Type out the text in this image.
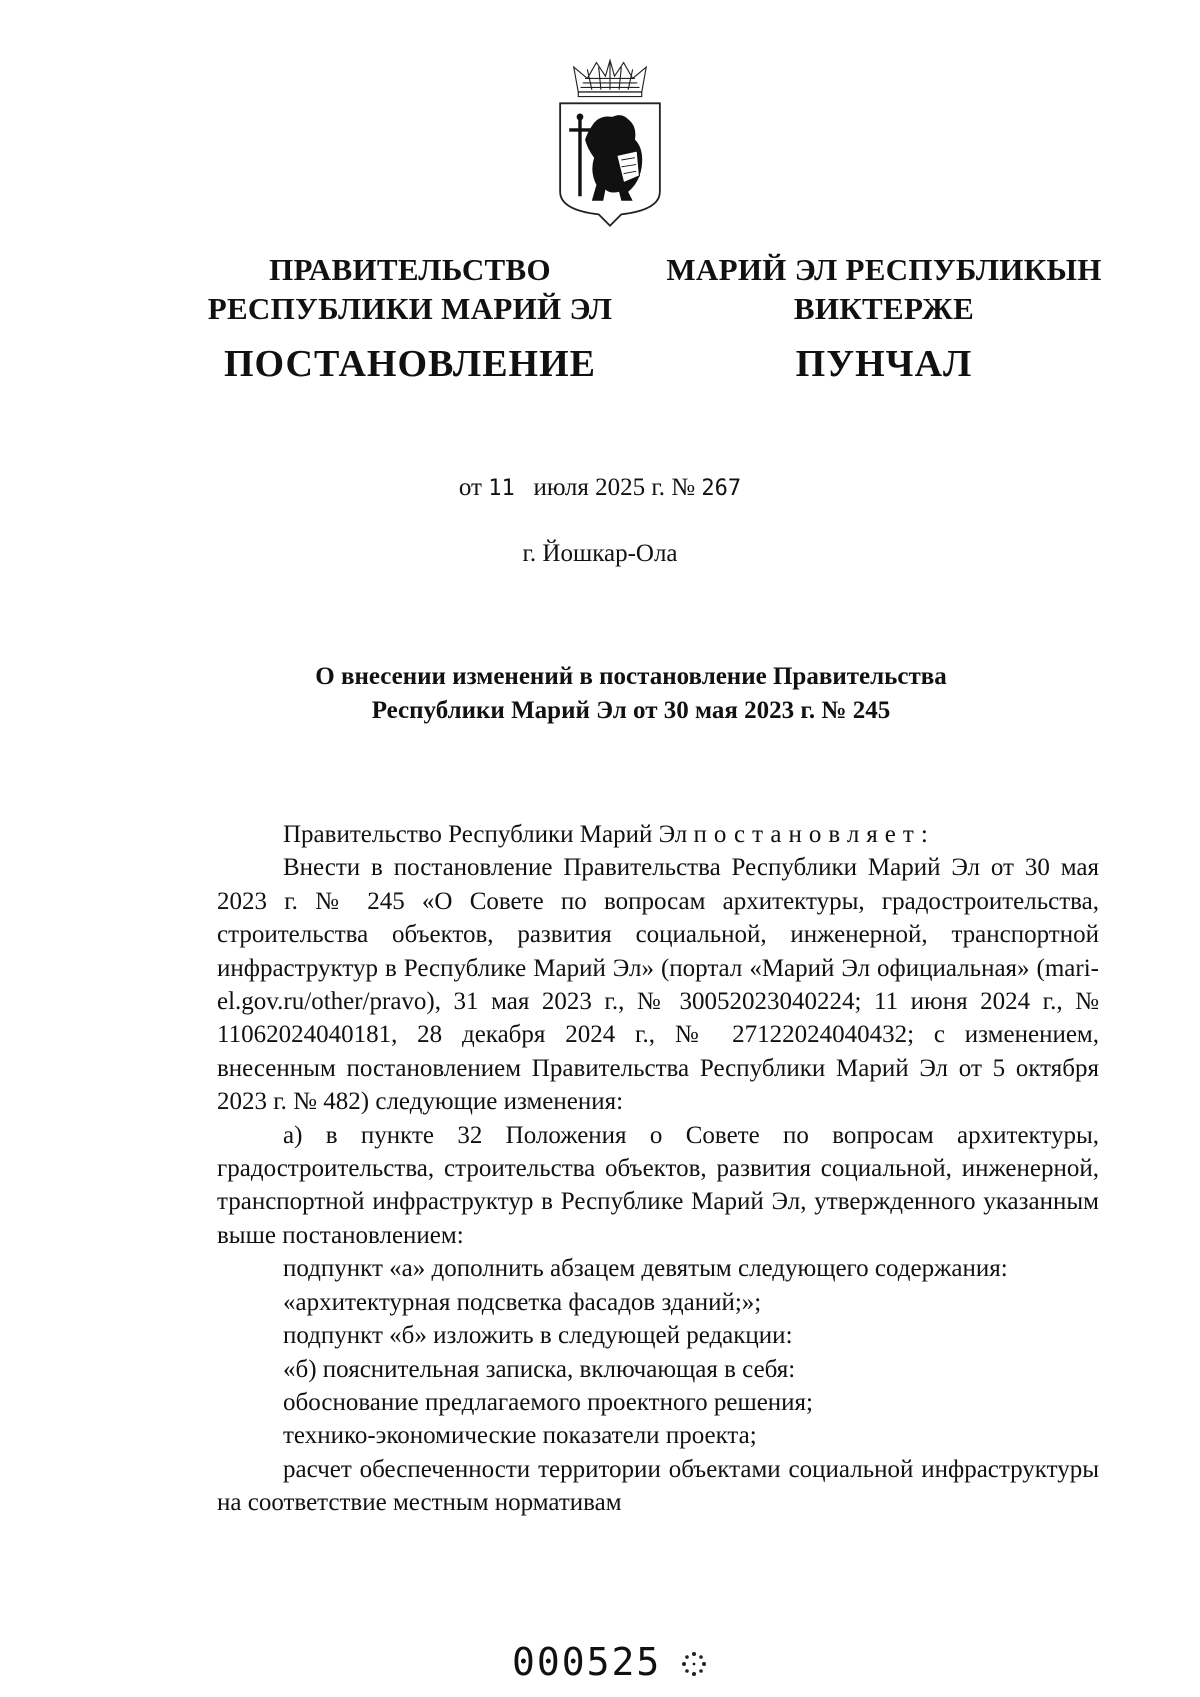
ПРАВИТЕЛЬСТВО
РЕСПУБЛИКИ МАРИЙ ЭЛ
ПОСТАНОВЛЕНИЕ
МАРИЙ ЭЛ РЕСПУБЛИКЫН
ВИКТЕРЖЕ
ПУНЧАЛ
от 11 июля 2025 г. № 267
г. Йошкар-Ола
О внесении изменений в постановление Правительства
Республики Марий Эл от 30 мая 2023 г. № 245

Правительство Республики Марий Эл постановляет:

Внести в постановление Правительства Республики Марий Эл от 30 мая 2023 г. № 245 «О Совете по вопросам архитектуры, градостроительства, строительства объектов, развития социальной, инженерной, транспортной инфраструктур в Республике Марий Эл» (портал «Марий Эл официальная» (mari-el.gov.ru/other/pravo), 31 мая 2023 г., № 30052023040224; 11 июня 2024 г., № 11062024040181, 28 декабря 2024 г., № 27122024040432; с изменением, внесенным постановлением Правительства Республики Марий Эл от 5 октября 2023 г. № 482) следующие изменения:

а) в пункте 32 Положения о Совете по вопросам архитектуры, градостроительства, строительства объектов, развития социальной, инженерной, транспортной инфраструктур в Республике Марий Эл, утвержденного указанным выше постановлением:

подпункт «а» дополнить абзацем девятым следующего содержания:

«архитектурная подсветка фасадов зданий;»;

подпункт «б» изложить в следующей редакции:

«б) пояснительная записка, включающая в себя:

обоснование предлагаемого проектного решения;

технико-экономические показатели проекта;

расчет обеспеченности территории объектами социальной инфраструктуры на соответствие местным нормативам

000525
